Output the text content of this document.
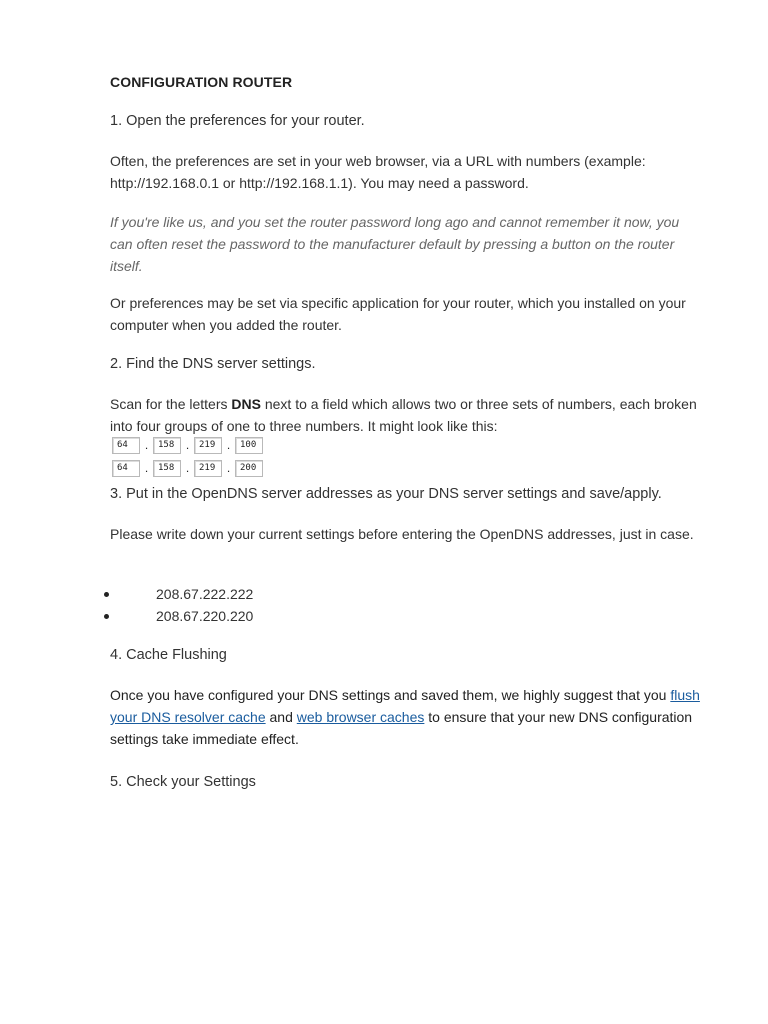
CONFIGURATION ROUTER
1. Open the preferences for your router.

Often, the preferences are set in your web browser, via a URL with numbers (example: http://192.168.0.1 or http://192.168.1.1). You may need a password.

If you're like us, and you set the router password long ago and cannot remember it now, you can often reset the password to the manufacturer default by pressing a button on the router itself.

Or preferences may be set via specific application for your router, which you installed on your computer when you added the router.

2. Find the DNS server settings.

Scan for the letters DNS next to a field which allows two or three sets of numbers, each broken into four groups of one to three numbers. It might look like this:

64	.	158 .	219 .	100
64	.	158 .	219 .	200
3. Put in the OpenDNS server addresses as your DNS server settings and save/apply.

Please write down your current settings before entering the OpenDNS addresses, just in case.

208.67.222.222
208.67.220.220
4. Cache Flushing

Once you have configured your DNS settings and saved them, we highly suggest that you flush your DNS resolver cache and web browser caches to ensure that your new DNS configuration settings take immediate effect.

5. Check your Settings
